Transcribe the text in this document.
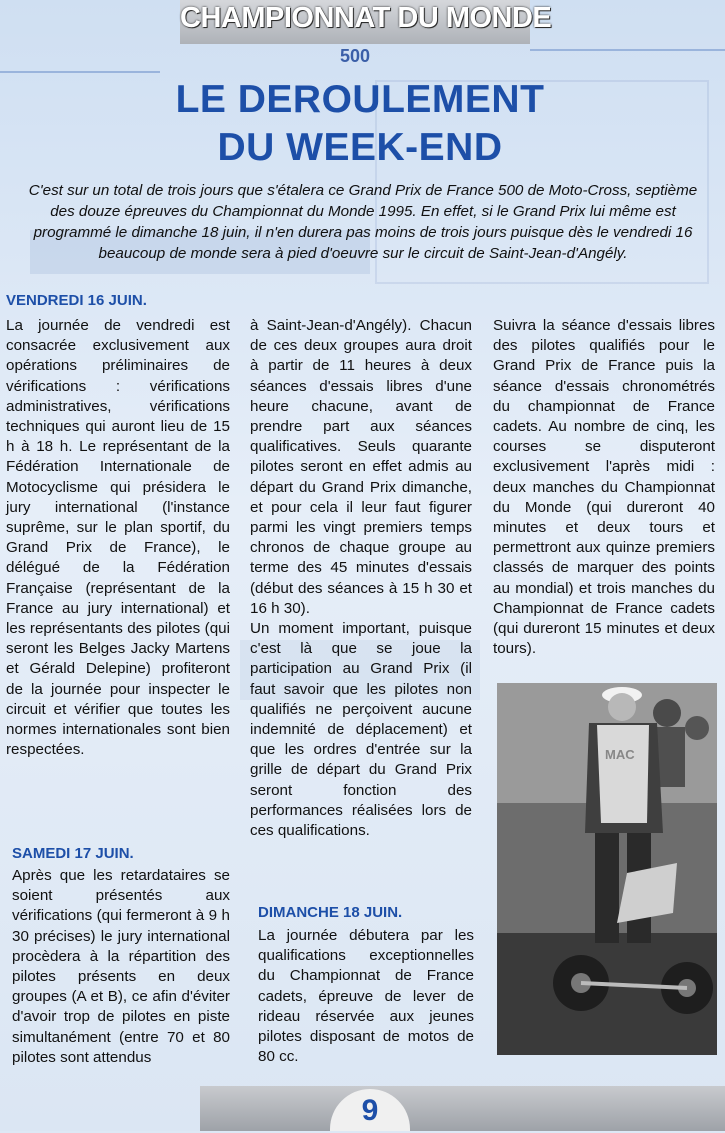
CHAMPIONNAT DU MONDE
500
LE DEROULEMENT
DU WEEK-END
C'est sur un total de trois jours que s'étalera ce Grand Prix de France 500 de Moto-Cross, septième des douze épreuves du Championnat du Monde 1995. En effet, si le Grand Prix lui même est programmé le dimanche 18 juin, il n'en durera pas moins de trois jours puisque dès le vendredi 16 beaucoup de monde sera à pied d'oeuvre sur le circuit de Saint-Jean-d'Angély.
VENDREDI 16 JUIN.

La journée de vendredi est consacrée exclusivement aux opérations préliminaires de vérifications : vérifications administratives, vérifications techniques qui auront lieu de 15 h à 18 h. Le représentant de la Fédération Internationale de Motocyclisme qui présidera le jury international (l'instance suprême, sur le plan sportif, du Grand Prix de France), le délégué de la Fédération Française (représentant de la France au jury international) et les représentants des pilotes (qui seront les Belges Jacky Martens et Gérald Delepine) profiteront de la journée pour inspecter le circuit et vérifier que toutes les normes internationales sont bien respectées.

SAMEDI 17 JUIN.

Après que les retardataires se soient présentés aux vérifications (qui fermeront à 9 h 30 précises) le jury international procèdera à la répartition des pilotes présents en deux groupes (A et B), ce afin d'éviter d'avoir trop de pilotes en piste simultanément (entre 70 et 80 pilotes sont attendus

à Saint-Jean-d'Angély). Chacun de ces deux groupes aura droit à partir de 11 heures à deux séances d'essais libres d'une heure chacune, avant de prendre part aux séances qualificatives. Seuls quarante pilotes seront en effet admis au départ du Grand Prix dimanche, et pour cela il leur faut figurer parmi les vingt premiers temps chronos de chaque groupe au terme des 45 minutes d'essais (début des séances à 15 h 30 et 16 h 30).

Un moment important, puisque c'est là que se joue la participation au Grand Prix (il faut savoir que les pilotes non qualifiés ne perçoivent aucune indemnité de déplacement) et que les ordres d'entrée sur la grille de départ du Grand Prix seront fonction des performances réalisées lors de ces qualifications.

DIMANCHE 18 JUIN.

La journée débutera par les qualifications exceptionnelles du Championnat de France cadets, épreuve de lever de rideau réservée aux jeunes pilotes disposant de motos de 80 cc.

Suivra la séance d'essais libres des pilotes qualifiés pour le Grand Prix de France puis la séance d'essais chronométrés du championnat de France cadets. Au nombre de cinq, les courses se disputeront exclusivement l'après midi : deux manches du Championnat du Monde (qui dureront 40 minutes et deux tours et permettront aux quinze premiers classés de marquer des points au mondial) et trois manches du Championnat de France cadets (qui dureront 15 minutes et deux tours).

MAC
9
